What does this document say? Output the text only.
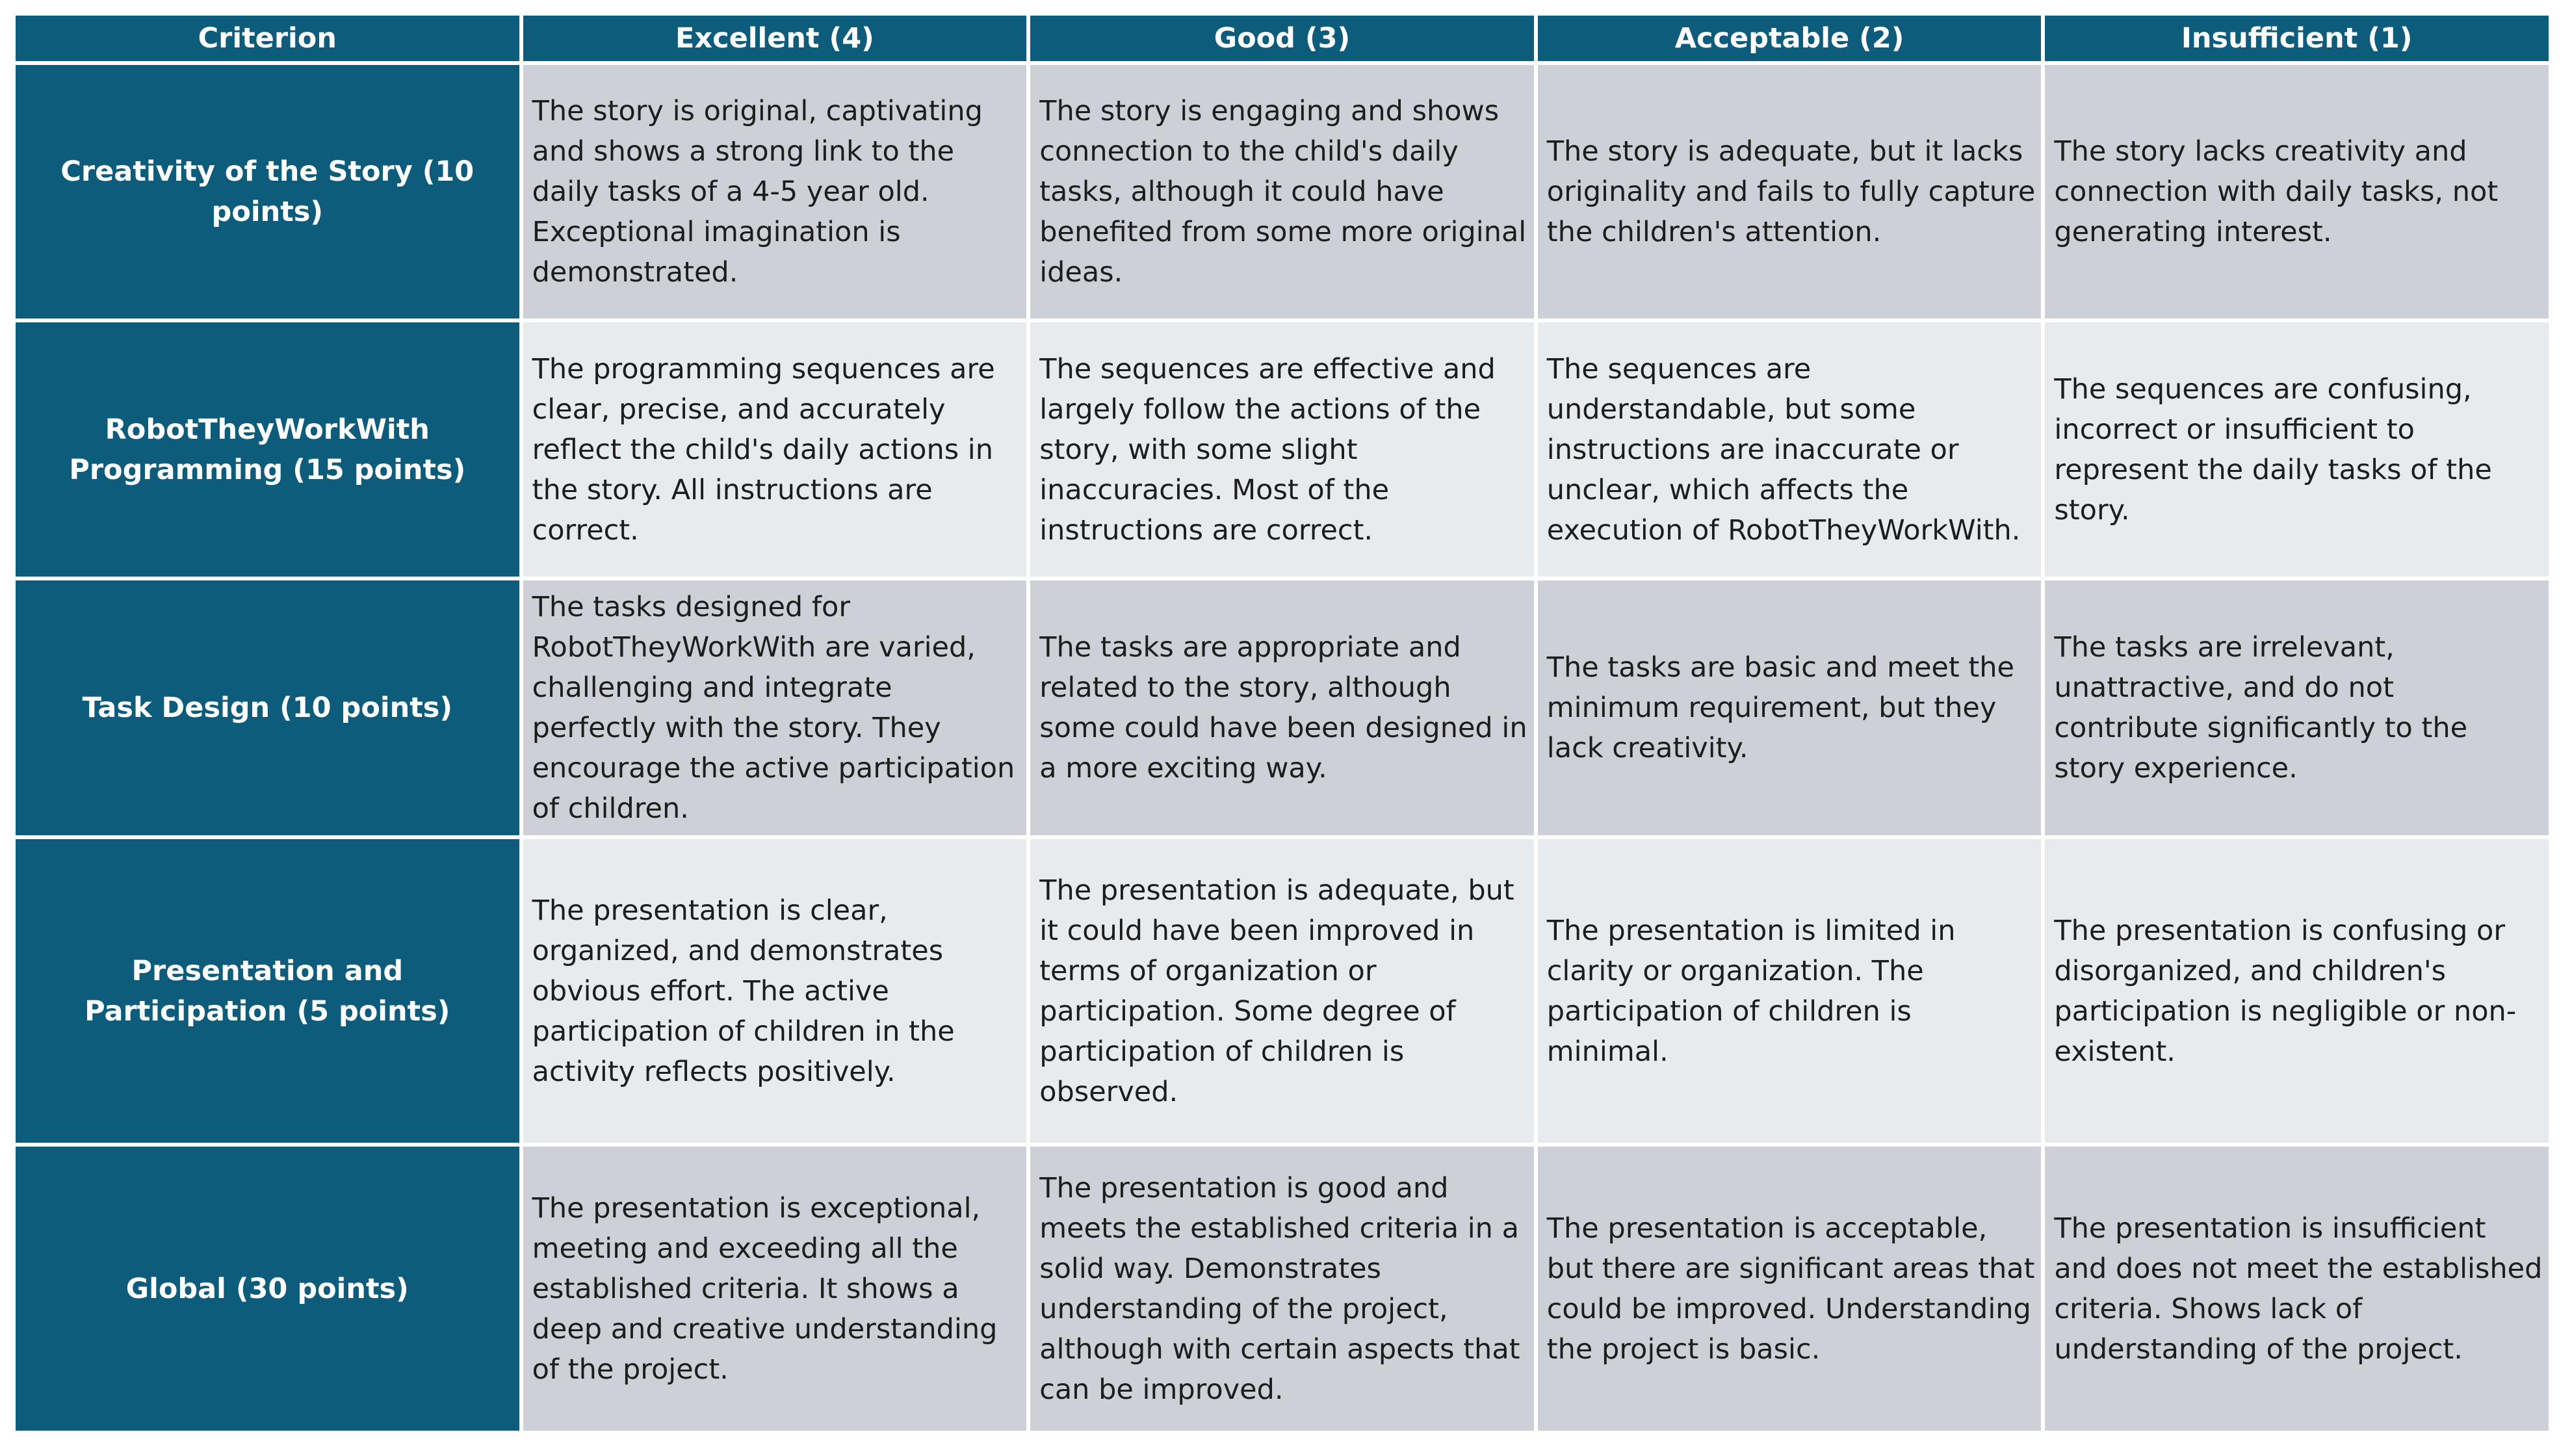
Criterion	Excellent (4)	Good (3)	Acceptable (2)	Insufficient (1)
Creativity of the Story (10 points)	The story is original, captivating and shows a strong link to the daily tasks of a 4-5 year old. Exceptional imagination is demonstrated.	The story is engaging and shows connection to the child's daily tasks, although it could have benefited from some more original ideas.	The story is adequate, but it lacks originality and fails to fully capture the children's attention.	The story lacks creativity and connection with daily tasks, not generating interest.
RobotTheyWorkWith Programming (15 points)	The programming sequences are clear, precise, and accurately reflect the child's daily actions in the story. All instructions are correct.	The sequences are effective and largely follow the actions of the story, with some slight inaccuracies. Most of the instructions are correct.	The sequences are understandable, but some instructions are inaccurate or unclear, which affects the execution of RobotTheyWorkWith.	The sequences are confusing, incorrect or insufficient to represent the daily tasks of the story.
Task Design (10 points)	The tasks designed for RobotTheyWorkWith are varied, challenging and integrate perfectly with the story. They encourage the active participation of children.	The tasks are appropriate and related to the story, although some could have been designed in a more exciting way.	The tasks are basic and meet the minimum requirement, but they lack creativity.	The tasks are irrelevant, unattractive, and do not contribute significantly to the story experience.
Presentation and Participation (5 points)	The presentation is clear, organized, and demonstrates obvious effort. The active participation of children in the activity reflects positively.	The presentation is adequate, but it could have been improved in terms of organization or participation. Some degree of participation of children is observed.	The presentation is limited in clarity or organization. The participation of children is minimal.	The presentation is confusing or disorganized, and children's participation is negligible or non-existent.
Global (30 points)	The presentation is exceptional, meeting and exceeding all the established criteria. It shows a deep and creative understanding of the project.	The presentation is good and meets the established criteria in a solid way. Demonstrates understanding of the project, although with certain aspects that can be improved.	The presentation is acceptable, but there are significant areas that could be improved. Understanding the project is basic.	The presentation is insufficient and does not meet the established criteria. Shows lack of understanding of the project.
